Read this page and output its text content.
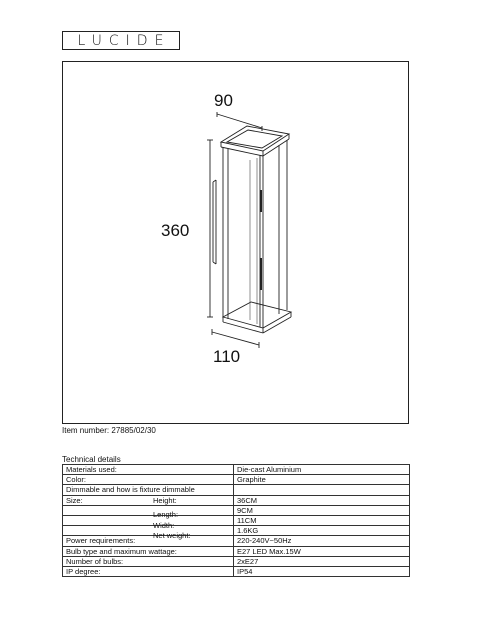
LUCIDE
90
360
110
Item number: 27885/02/30
Technical details
Materials used:	Die-cast Aluminium
Color:	Graphite
Dimmable and how is fixture dimmable	
Size: Height:	36CM

Length:	9CM

Width:	11CM

Net weight:	1.6KG
Power requirements:	220-240V~50Hz
Bulb type and maximum wattage:	E27 LED Max.15W
Number of bulbs:	2xE27
IP degree:	IP54
